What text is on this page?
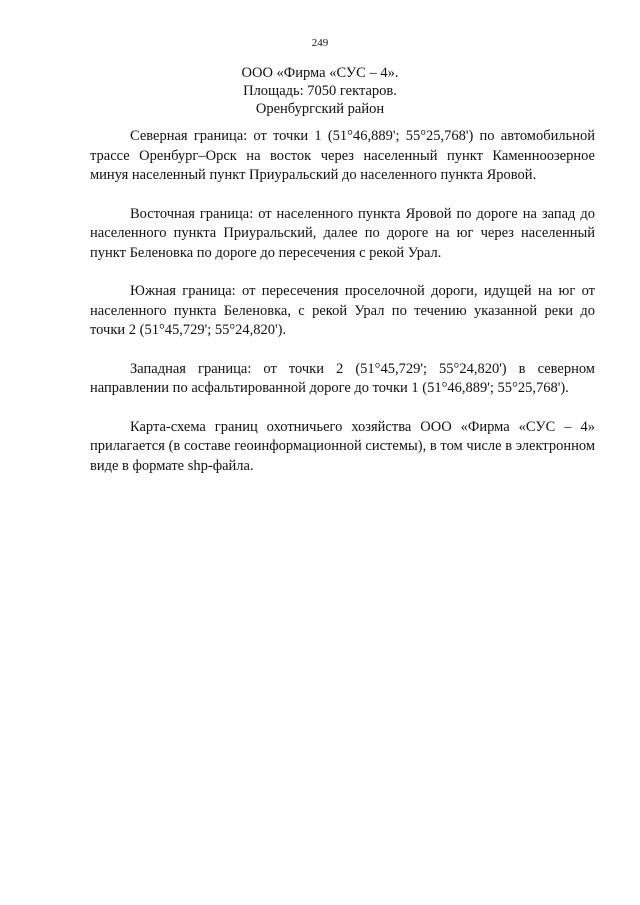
249
ООО «Фирма «СУС – 4».
Площадь: 7050 гектаров.
Оренбургский район

Северная граница: от точки 1 (51°46,889'; 55°25,768') по автомобильной трассе Оренбург–Орск на восток через населенный пункт Каменноозерное минуя населенный пункт Приуральский до населенного пункта Яровой.

Восточная граница: от населенного пункта Яровой по дороге на запад до населенного пункта Приуральский, далее по дороге на юг через населенный пункт Беленовка по дороге до пересечения с рекой Урал.

Южная граница: от пересечения проселочной дороги, идущей на юг от населенного пункта Беленовка, с рекой Урал по течению указанной реки до точки 2 (51°45,729'; 55°24,820').

Западная граница: от точки 2 (51°45,729'; 55°24,820') в северном направлении по асфальтированной дороге до точки 1 (51°46,889'; 55°25,768').

Карта-схема границ охотничьего хозяйства ООО «Фирма «СУС – 4» прилагается (в составе геоинформационной системы), в том числе в электронном виде в формате shp-файла.
